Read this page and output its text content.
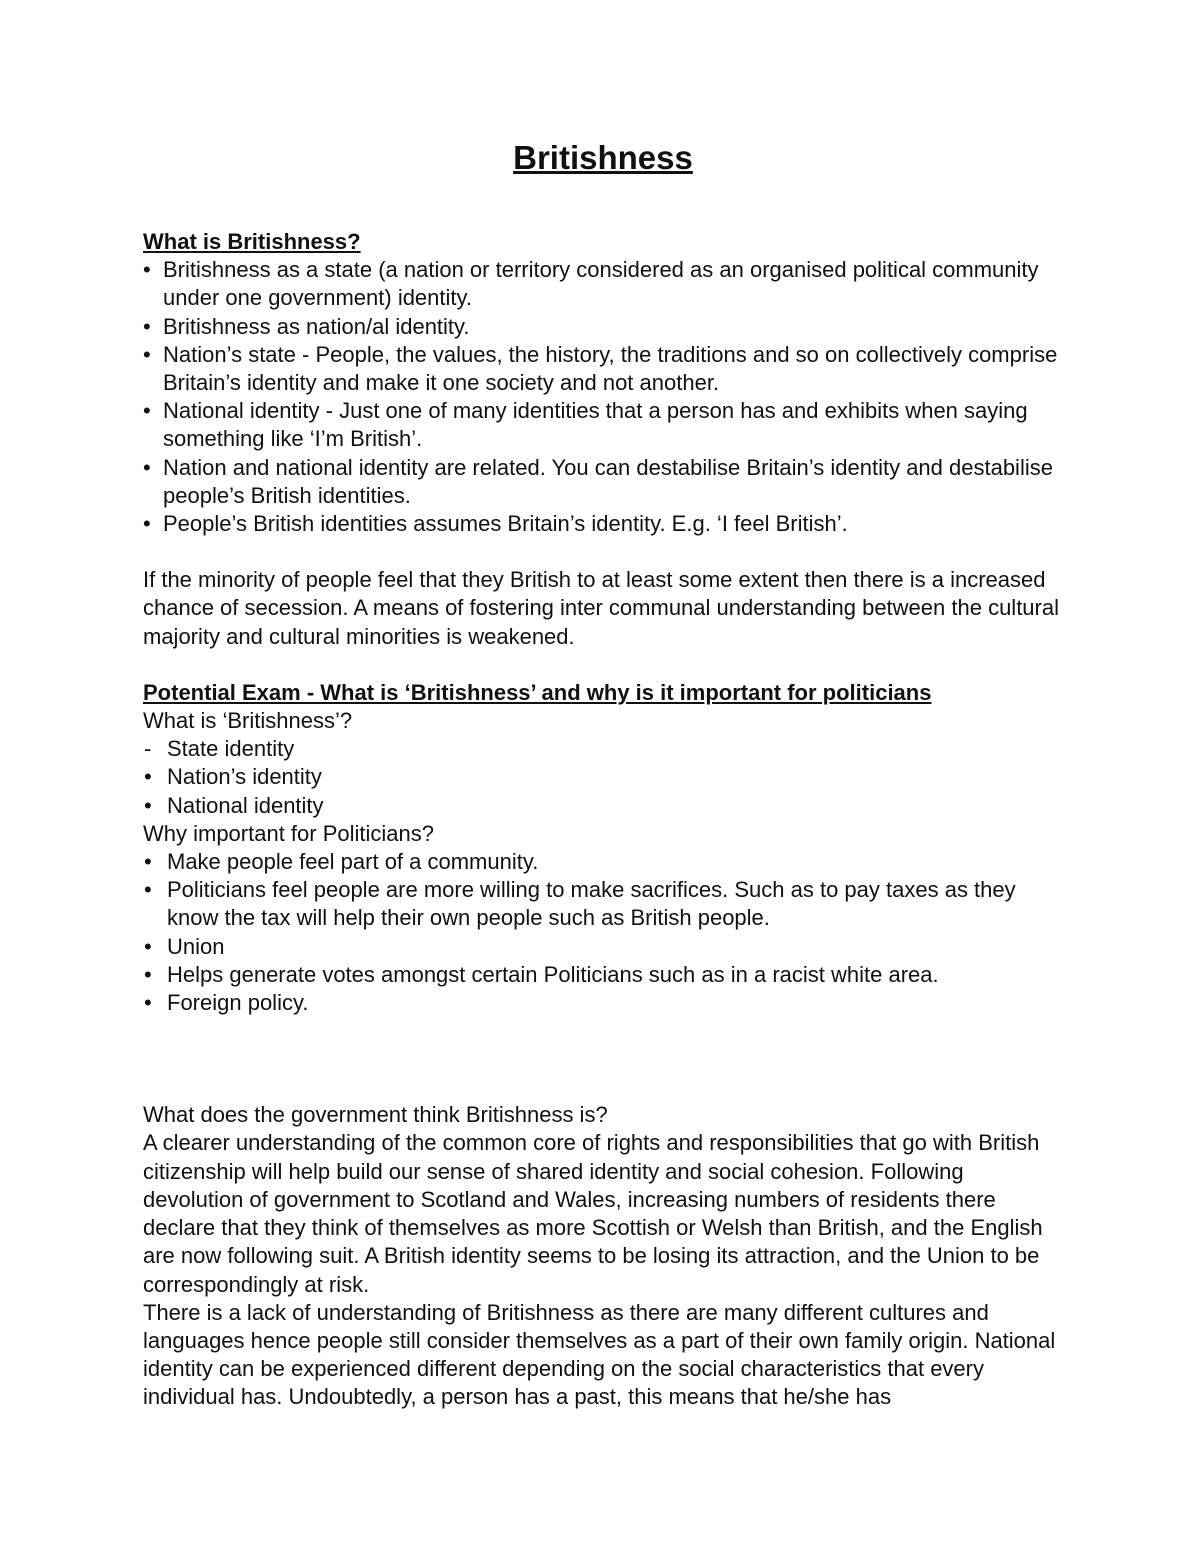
Britishness

What is Britishness?

• Britishness as a state (a nation or territory considered as an organised political community under one government) identity.
• Britishness as nation/al identity.
• Nation’s state - People, the values, the history, the traditions and so on collectively comprise Britain’s identity and make it one society and not another.
• National identity - Just one of many identities that a person has and exhibits when saying something like ‘I’m British’.
• Nation and national identity are related. You can destabilise Britain’s identity and destabilise people’s British identities.
• People’s British identities assumes Britain’s identity. E.g. ‘I feel British’.

If the minority of people feel that they British to at least some extent then there is a increased chance of secession. A means of fostering inter communal understanding between the cultural majority and cultural minorities is weakened.

Potential Exam - What is ‘Britishness’ and why is it important for politicians

What is ‘Britishness’?

- State identity
• Nation’s identity
• National identity

Why important for Politicians?

• Make people feel part of a community.
• Politicians feel people are more willing to make sacrifices. Such as to pay taxes as they know the tax will help their own people such as British people.
• Union
• Helps generate votes amongst certain Politicians such as in a racist white area.
• Foreign policy.

What does the government think Britishness is?

A clearer understanding of the common core of rights and responsibilities that go with British citizenship will help build our sense of shared identity and social cohesion. Following devolution of government to Scotland and Wales, increasing numbers of residents there declare that they think of themselves as more Scottish or Welsh than British, and the English are now following suit. A British identity seems to be losing its attraction, and the Union to be correspondingly at risk.

There is a lack of understanding of Britishness as there are many different cultures and languages hence people still consider themselves as a part of their own family origin. National identity can be experienced different depending on the social characteristics that every individual has. Undoubtedly, a person has a past, this means that he/she has
